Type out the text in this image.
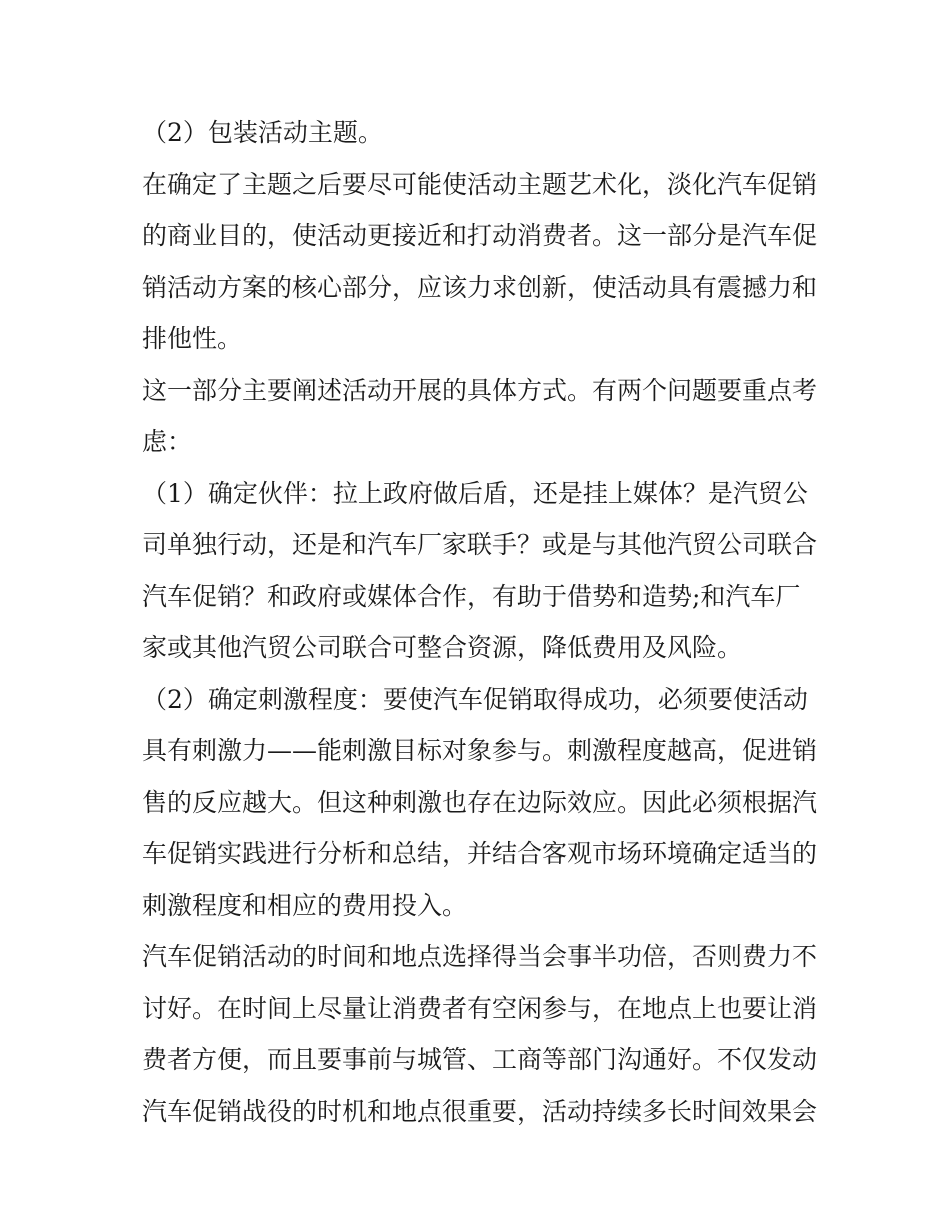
（2）包装活动主题。

在确定了主题之后要尽可能使活动主题艺术化，淡化汽车促销

的商业目的，使活动更接近和打动消费者。这一部分是汽车促

销活动方案的核心部分，应该力求创新，使活动具有震撼力和

排他性。

这一部分主要阐述活动开展的具体方式。有两个问题要重点考

虑：

（1）确定伙伴：拉上政府做后盾，还是挂上媒体？是汽贸公

司单独行动，还是和汽车厂家联手？或是与其他汽贸公司联合

汽车促销？和政府或媒体合作，有助于借势和造势;和汽车厂

家或其他汽贸公司联合可整合资源，降低费用及风险。

（2）确定刺激程度：要使汽车促销取得成功，必须要使活动

具有刺激力——能刺激目标对象参与。刺激程度越高，促进销

售的反应越大。但这种刺激也存在边际效应。因此必须根据汽

车促销实践进行分析和总结，并结合客观市场环境确定适当的

刺激程度和相应的费用投入。

汽车促销活动的时间和地点选择得当会事半功倍，否则费力不

讨好。在时间上尽量让消费者有空闲参与，在地点上也要让消

费者方便，而且要事前与城管、工商等部门沟通好。不仅发动

汽车促销战役的时机和地点很重要，活动持续多长时间效果会
